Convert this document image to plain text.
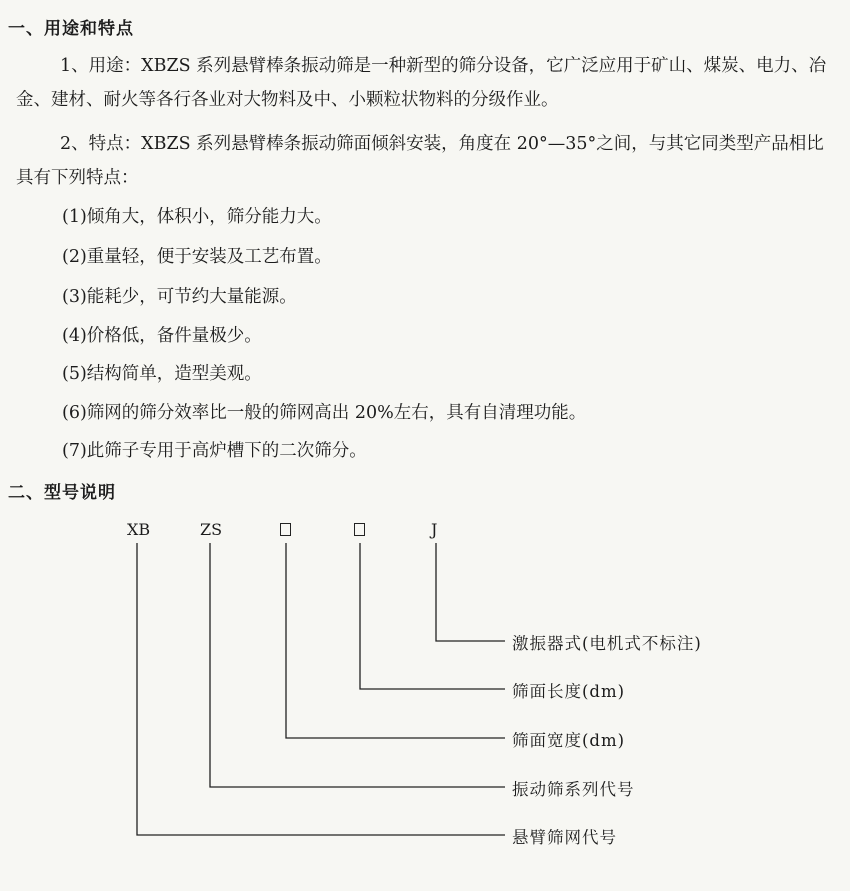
一、用途和特点

1、用途：XBZS 系列悬臂棒条振动筛是一种新型的筛分设备，它广泛应用于矿山、煤炭、电力、冶金、建材、耐火等各行各业对大物料及中、小颗粒状物料的分级作业。

2、特点：XBZS 系列悬臂棒条振动筛面倾斜安装，角度在 20°—35°之间，与其它同类型产品相比具有下列特点：

(1)倾角大，体积小，筛分能力大。
(2)重量轻，便于安装及工艺布置。
(3)能耗少，可节约大量能源。
(4)价格低，备件量极少。
(5)结构简单，造型美观。
(6)筛网的筛分效率比一般的筛网高出 20%左右，具有自清理功能。
(7)此筛子专用于高炉槽下的二次筛分。
二、型号说明
XB	ZS	J
激振器式(电机式不标注)
筛面长度(dm)
筛面宽度(dm)
振动筛系列代号
悬臂筛网代号
